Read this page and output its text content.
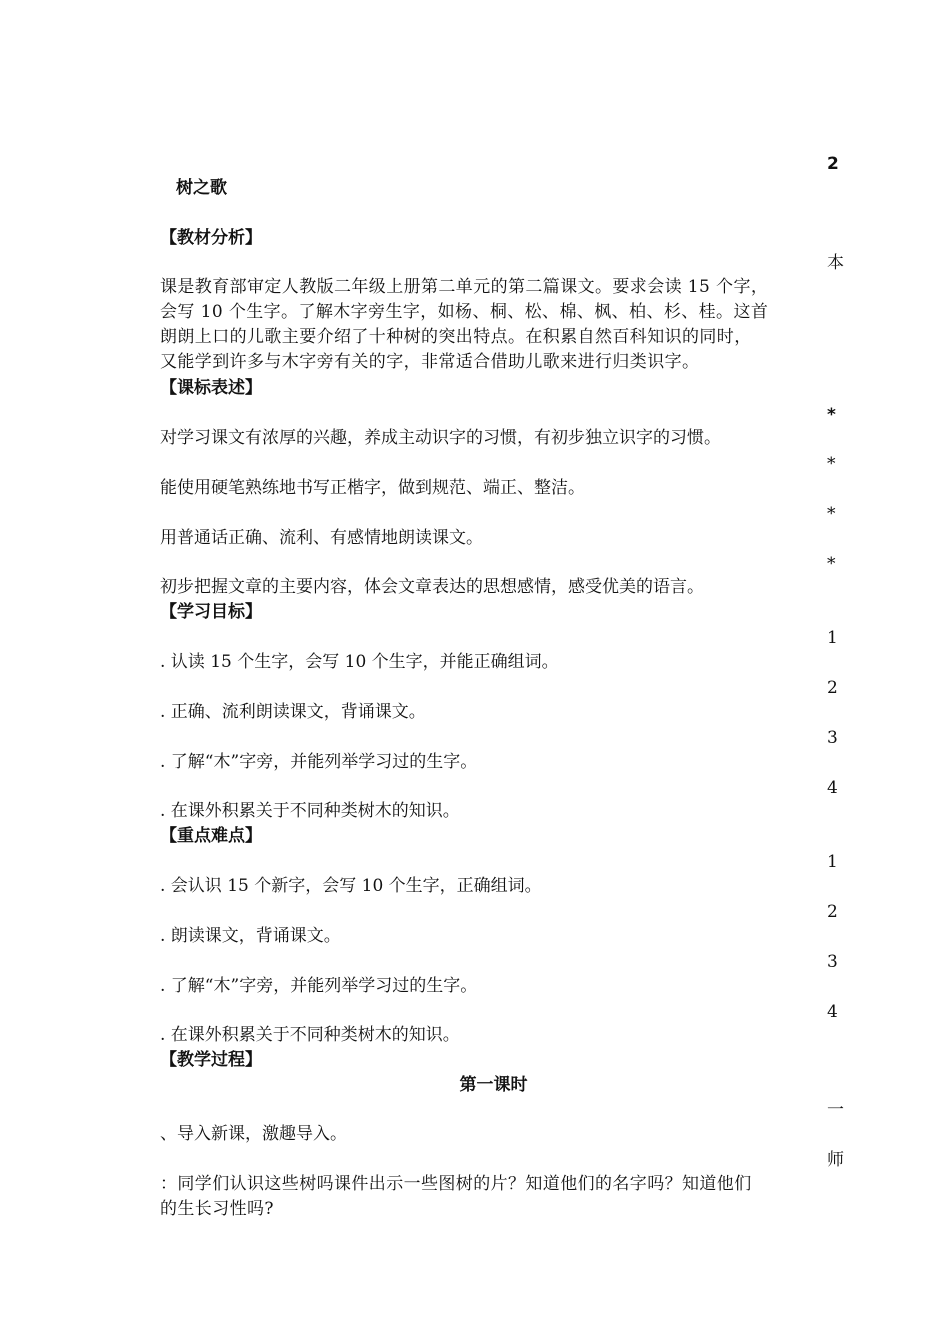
2

本

*

*

*

*

1

2

3

4

1

2

3

4

一

师

树之歌

【教材分析】

课是教育部审定人教版二年级上册第二单元的第二篇课文。要求会读 15 个字，

会写 10 个生字。了解木字旁生字，如杨、桐、松、棉、枫、柏、杉、桂。这首

朗朗上口的儿歌主要介绍了十种树的突出特点。在积累自然百科知识的同时，

又能学到许多与木字旁有关的字，非常适合借助儿歌来进行归类识字。

【课标表述】

对学习课文有浓厚的兴趣，养成主动识字的习惯，有初步独立识字的习惯。

能使用硬笔熟练地书写正楷字，做到规范、端正、整洁。

用普通话正确、流利、有感情地朗读课文。

初步把握文章的主要内容，体会文章表达的思想感情，感受优美的语言。

【学习目标】

. 认读 15 个生字，会写 10 个生字，并能正确组词。

. 正确、流利朗读课文，背诵课文。

. 了解“木”字旁，并能列举学习过的生字。

. 在课外积累关于不同种类树木的知识。

【重点难点】

. 会认识 15 个新字，会写 10 个生字，正确组词。

. 朗读课文，背诵课文。

. 了解“木”字旁，并能列举学习过的生字。

. 在课外积累关于不同种类树木的知识。

【教学过程】

第一课时

、导入新课，激趣导入。

：同学们认识这些树吗课件出示一些图树的片？知道他们的名字吗？知道他们

的生长习性吗?
